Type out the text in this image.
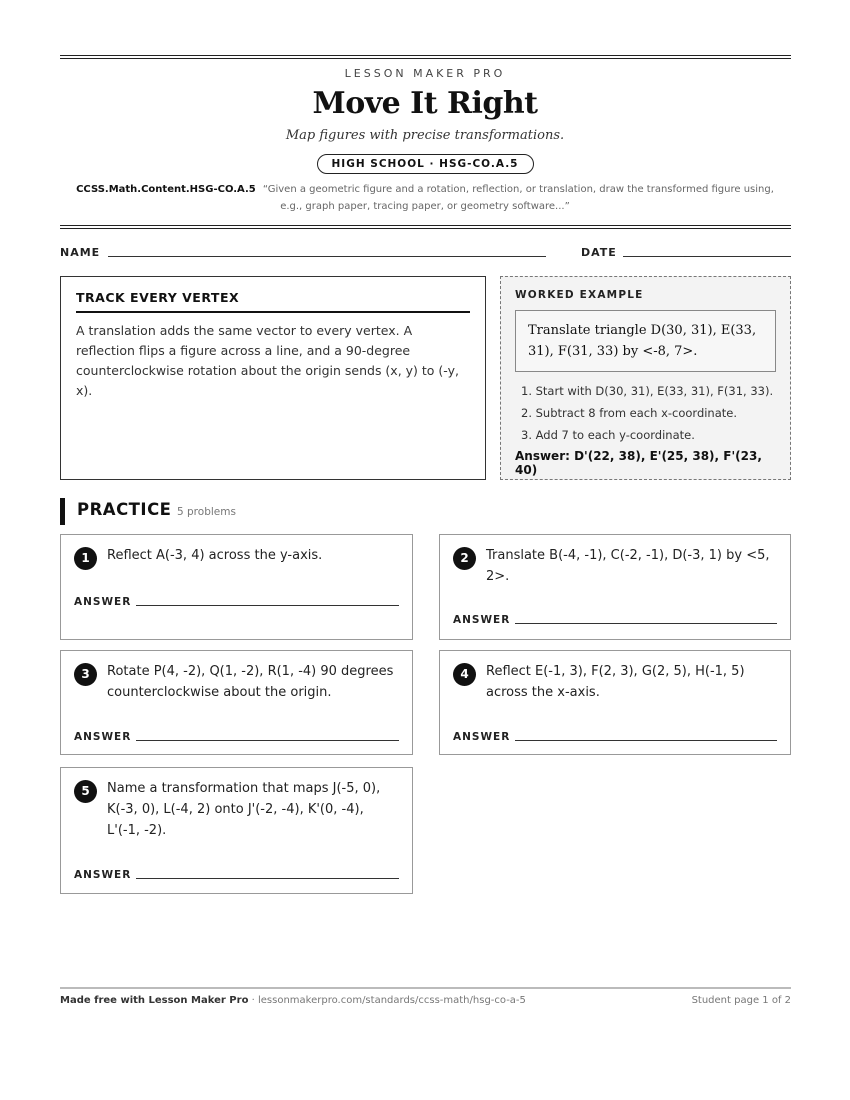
LESSON MAKER PRO
Move It Right
Map figures with precise transformations.
HIGH SCHOOL · HSG-CO.A.5
CCSS.Math.Content.HSG-CO.A.5 “Given a geometric figure and a rotation, reflection, or translation, draw the transformed figure using, e.g., graph paper, tracing paper, or geometry software...”
NAME	DATE
TRACK EVERY VERTEX

A translation adds the same vector to every vertex. A reflection flips a figure across a line, and a 90-degree counterclockwise rotation about the origin sends (x, y) to (-y, x).

WORKED EXAMPLE
Translate triangle D(30, 31), E(33, 31), F(31, 33) by <-8, 7>.
1. Start with D(30, 31), E(33, 31), F(31, 33).
2. Subtract 8 from each x-coordinate.
3. Add 7 to each y-coordinate.
Answer: D'(22, 38), E'(25, 38), F'(23, 40)
PRACTICE 5 problems
1	Reflect A(-3, 4) across the y-axis.
ANSWER
2	Translate B(-4, -1), C(-2, -1), D(-3, 1) by <5, 2>.
ANSWER
3	Rotate P(4, -2), Q(1, -2), R(1, -4) 90 degrees counterclockwise about the origin.
ANSWER
4	Reflect E(-1, 3), F(2, 3), G(2, 5), H(-1, 5) across the x-axis.
ANSWER
5	Name a transformation that maps J(-5, 0), K(-3, 0), L(-4, 2) onto J'(-2, -4), K'(0, -4), L'(-1, -2).
ANSWER
Made free with Lesson Maker Pro · lessonmakerpro.com/standards/ccss-math/hsg-co-a-5	Student page 1 of 2
